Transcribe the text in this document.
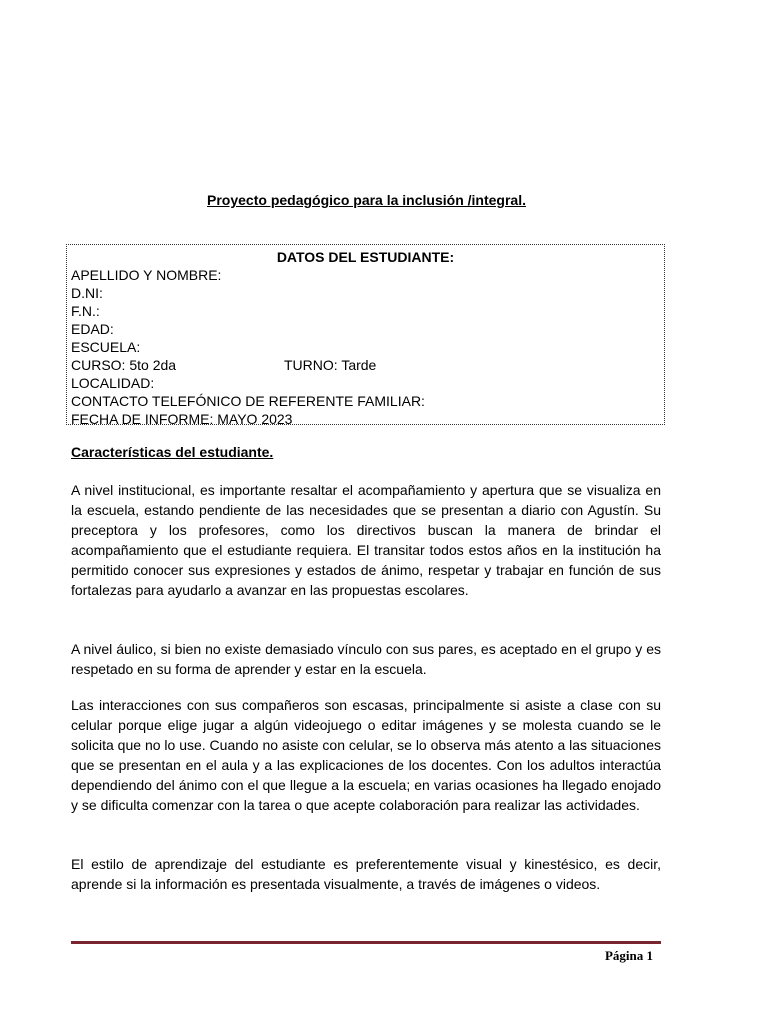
Proyecto pedagógico para la inclusión /integral.
DATOS DEL ESTUDIANTE:
APELLIDO Y NOMBRE:
D.NI:
F.N.:
EDAD:
ESCUELA:
CURSO: 5to 2da	TURNO: Tarde
LOCALIDAD:
CONTACTO TELEFÓNICO DE REFERENTE FAMILIAR:
FECHA DE INFORME: MAYO 2023
Características del estudiante.

A nivel institucional, es importante resaltar el acompañamiento y apertura que se visualiza en la escuela, estando pendiente de las necesidades que se presentan a diario con Agustín. Su preceptora y los profesores, como los directivos buscan la manera de brindar el acompañamiento que el estudiante requiera. El transitar todos estos años en la institución ha permitido conocer sus expresiones y estados de ánimo, respetar y trabajar en función de sus fortalezas para ayudarlo a avanzar en las propuestas escolares.

A nivel áulico, si bien no existe demasiado vínculo con sus pares, es aceptado en el grupo y es respetado en su forma de aprender y estar en la escuela.

Las interacciones con sus compañeros son escasas, principalmente si asiste a clase con su celular porque elige jugar a algún videojuego o editar imágenes y se molesta cuando se le solicita que no lo use. Cuando no asiste con celular, se lo observa más atento a las situaciones que se presentan en el aula y a las explicaciones de los docentes. Con los adultos interactúa dependiendo del ánimo con el que llegue a la escuela; en varias ocasiones ha llegado enojado y se dificulta comenzar con la tarea o que acepte colaboración para realizar las actividades.

El estilo de aprendizaje del estudiante es preferentemente visual y kinestésico, es decir, aprende si la información es presentada visualmente, a través de imágenes o videos.

Página 1
